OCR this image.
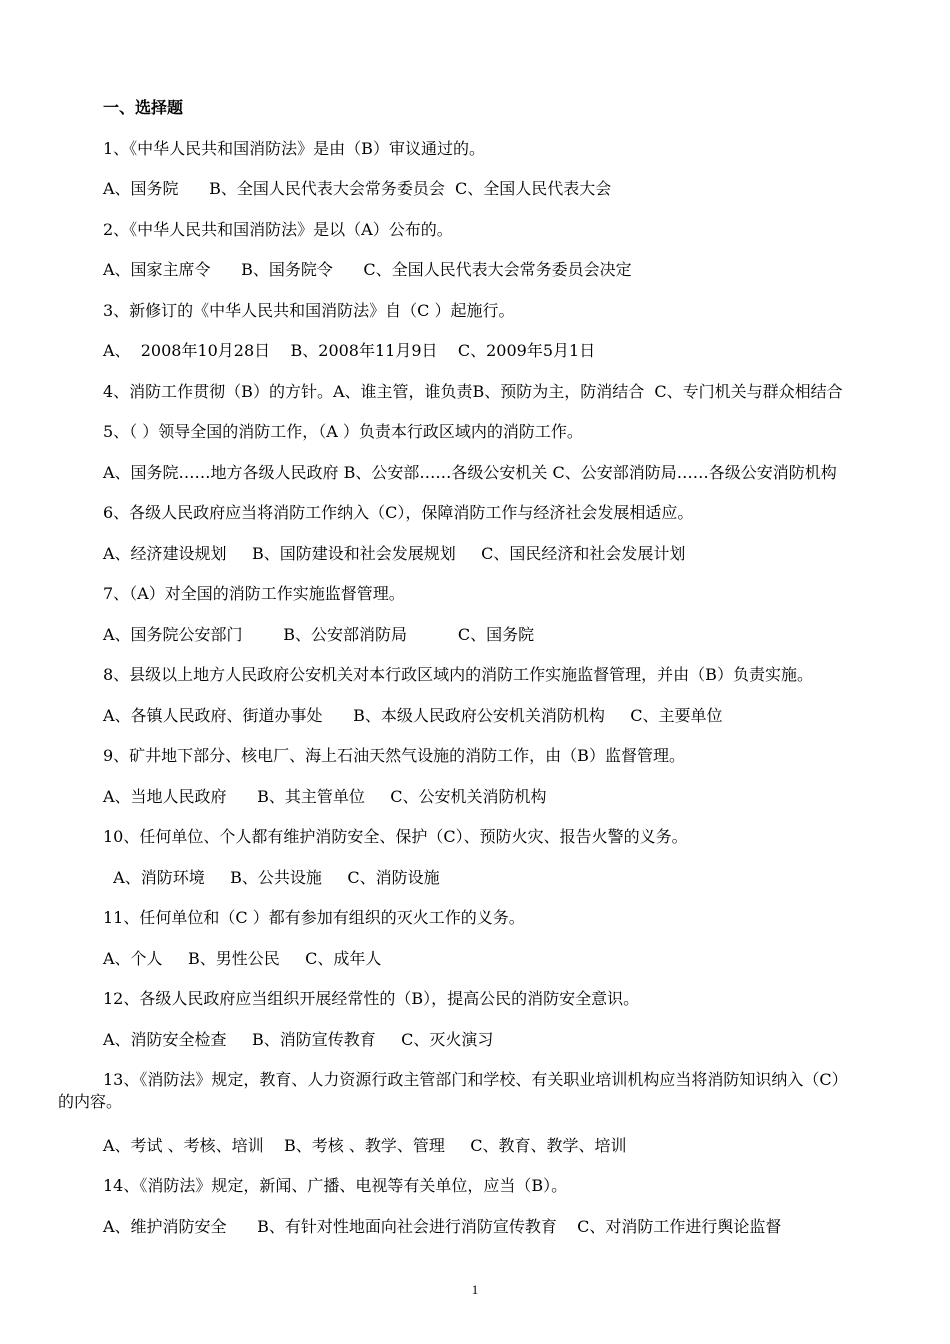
一、选择题
1、《中华人民共和国消防法》是由（B）审议通过的。
A、国务院      B、全国人民代表大会常务委员会  C、全国人民代表大会
2、《中华人民共和国消防法》是以（A）公布的。
A、国家主席令      B、国务院令      C、全国人民代表大会常务委员会决定
3、新修订的《中华人民共和国消防法》自（C ）起施行。
A、  2008年10月28日    B、2008年11月9日    C、2009年5月1日
4、消防工作贯彻（B）的方针。A、谁主管，谁负责B、预防为主，防消结合  C、专门机关与群众相结合
5、（ ）领导全国的消防工作，（A ）负责本行政区域内的消防工作。
A、国务院……地方各级人民政府 B、公安部……各级公安机关 C、公安部消防局……各级公安消防机构
6、各级人民政府应当将消防工作纳入（C），保障消防工作与经济社会发展相适应。
A、经济建设规划     B、国防建设和社会发展规划     C、国民经济和社会发展计划
7、（A）对全国的消防工作实施监督管理。
A、国务院公安部门        B、公安部消防局          C、国务院
8、县级以上地方人民政府公安机关对本行政区域内的消防工作实施监督管理，并由（B）负责实施。
A、各镇人民政府、街道办事处      B、本级人民政府公安机关消防机构     C、主要单位
9、矿井地下部分、核电厂、海上石油天然气设施的消防工作，由（B）监督管理。
A、当地人民政府      B、其主管单位     C、公安机关消防机构
10、任何单位、个人都有维护消防安全、保护（C）、预防火灾、报告火警的义务。
A、消防环境     B、公共设施     C、消防设施
11、任何单位和（C ）都有参加有组织的灭火工作的义务。
A、个人     B、男性公民     C、成年人
12、各级人民政府应当组织开展经常性的（B），提高公民的消防安全意识。
A、消防安全检查     B、消防宣传教育     C、灭火演习
13、《消防法》规定，教育、人力资源行政主管部门和学校、有关职业培训机构应当将消防知识纳入（C）的内容。
A、考试 、考核、培训    B、考核 、教学、管理     C、教育、教学、培训
14、《消防法》规定，新闻、广播、电视等有关单位，应当（B）。
A、维护消防安全      B、有针对性地面向社会进行消防宣传教育    C、对消防工作进行舆论监督
1
